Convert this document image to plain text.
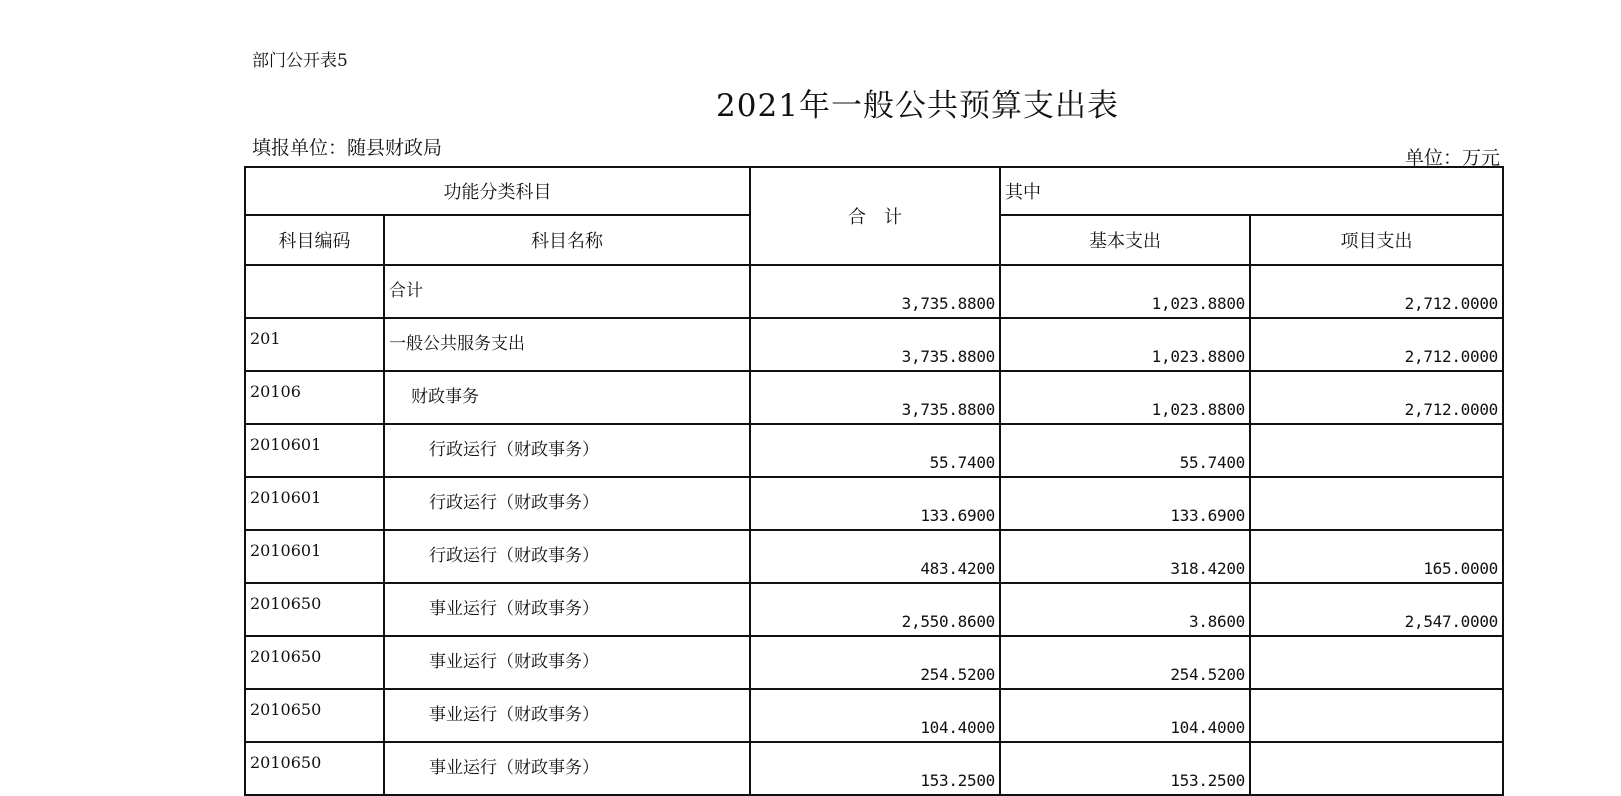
部门公开表5
2021年一般公共预算支出表
填报单位：随县财政局	单位：万元
功能分类科目		合　计	其中	
科目编码	科目名称		基本支出	项目支出
	合计	3,735.8800	1,023.8800	2,712.0000
201	一般公共服务支出	3,735.8800	1,023.8800	2,712.0000
20106	财政事务	3,735.8800	1,023.8800	2,712.0000
2010601	行政运行（财政事务）	55.7400	55.7400	
2010601	行政运行（财政事务）	133.6900	133.6900	
2010601	行政运行（财政事务）	483.4200	318.4200	165.0000
2010650	事业运行（财政事务）	2,550.8600	3.8600	2,547.0000
2010650	事业运行（财政事务）	254.5200	254.5200	
2010650	事业运行（财政事务）	104.4000	104.4000	
2010650	事业运行（财政事务）	153.2500	153.2500	
